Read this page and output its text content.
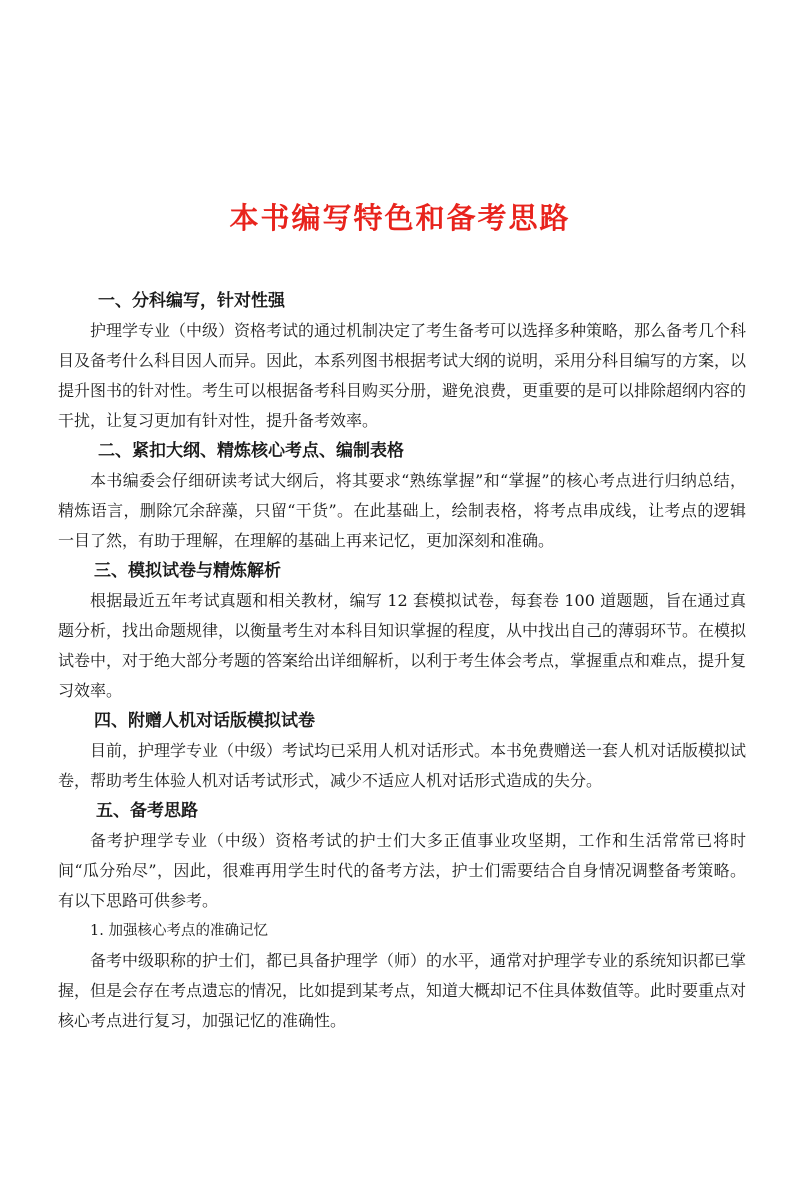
本书编写特色和备考思路
一、分科编写，针对性强

护理学专业（中级）资格考试的通过机制决定了考生备考可以选择多种策略，那么备考几个科目及备考什么科目因人而异。因此，本系列图书根据考试大纲的说明，采用分科目编写的方案，以提升图书的针对性。考生可以根据备考科目购买分册，避免浪费，更重要的是可以排除超纲内容的干扰，让复习更加有针对性，提升备考效率。

二、紧扣大纲、精炼核心考点、编制表格

本书编委会仔细研读考试大纲后，将其要求“熟练掌握”和“掌握”的核心考点进行归纳总结，精炼语言，删除冗余辞藻，只留“干货”。在此基础上，绘制表格，将考点串成线，让考点的逻辑一目了然，有助于理解，在理解的基础上再来记忆，更加深刻和准确。

三、模拟试卷与精炼解析

根据最近五年考试真题和相关教材，编写 12 套模拟试卷，每套卷 100 道题题，旨在通过真题分析，找出命题规律，以衡量考生对本科目知识掌握的程度，从中找出自己的薄弱环节。在模拟试卷中，对于绝大部分考题的答案给出详细解析，以利于考生体会考点，掌握重点和难点，提升复习效率。

四、附赠人机对话版模拟试卷

目前，护理学专业（中级）考试均已采用人机对话形式。本书免费赠送一套人机对话版模拟试卷，帮助考生体验人机对话考试形式，减少不适应人机对话形式造成的失分。

五、备考思路

备考护理学专业（中级）资格考试的护士们大多正值事业攻坚期，工作和生活常常已将时间“瓜分殆尽”，因此，很难再用学生时代的备考方法，护士们需要结合自身情况调整备考策略。有以下思路可供参考。

1. 加强核心考点的准确记忆

备考中级职称的护士们，都已具备护理学（师）的水平，通常对护理学专业的系统知识都已掌握，但是会存在考点遗忘的情况，比如提到某考点，知道大概却记不住具体数值等。此时要重点对核心考点进行复习，加强记忆的准确性。
